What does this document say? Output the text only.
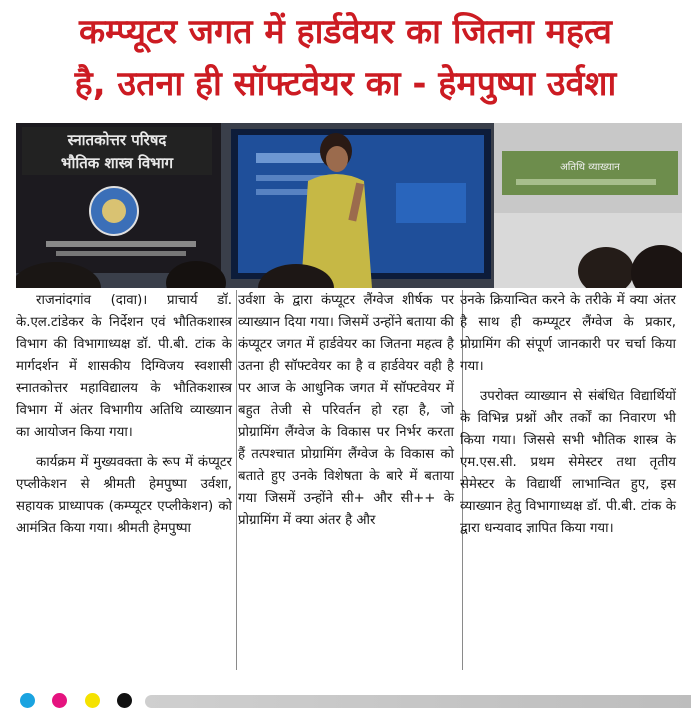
कम्प्यूटर जगत में हार्डवेयर का जितना महत्व
है, उतना ही सॉफ्टवेयर का - हेमपुष्पा उर्वशा
स्नातकोत्तर परिषद
भौतिक शास्त्र विभाग	अतिथि व्याख्यान

राजनांदगांव (दावा)। प्राचार्य डॉ. के.एल.टांडेकर के निर्देशन एवं भौतिकशास्त्र विभाग की विभागाध्यक्ष डॉ. पी.बी. टांक के मार्गदर्शन में शासकीय दिग्विजय स्वशासी स्नातकोत्तर महाविद्यालय के भौतिकशास्त्र विभाग में अंतर विभागीय अतिथि व्याख्यान का आयोजन किया गया।

कार्यक्रम में मुख्यवक्ता के रूप में कंप्यूटर एप्लीकेशन से श्रीमती हेमपुष्पा उर्वशा, सहायक प्राध्यापक (कम्प्यूटर एप्लीकेशन) को आमंत्रित किया गया। श्रीमती हेमपुष्पा

उर्वशा के द्वारा कंप्यूटर लैंग्वेज शीर्षक पर व्याख्यान दिया गया। जिसमें उन्होंने बताया की कंप्यूटर जगत में हार्डवेयर का जितना महत्व है उतना ही सॉफ्टवेयर का है व हार्डवेयर वही है पर आज के आधुनिक जगत में सॉफ्टवेयर में बहुत तेजी से परिवर्तन हो रहा है, जो प्रोग्रामिंग लैंग्वेज के विकास पर निर्भर करता हैं तत्पश्चात प्रोग्रामिंग लैंग्वेज के विकास को बताते हुए उनके विशेषता के बारे में बताया गया जिसमें उन्होंने सी+ और सी++ के प्रोग्रामिंग में क्या अंतर है और

उनके क्रियान्वित करने के तरीके में क्या अंतर है साथ ही कम्प्यूटर लैंग्वेज के प्रकार, प्रोग्रामिंग की संपूर्ण जानकारी पर चर्चा किया गया।

उपरोक्त व्याख्यान से संबंधित विद्यार्थियों के विभिन्न प्रश्नों और तर्कों का निवारण भी किया गया। जिससे सभी भौतिक शास्त्र के एम.एस.सी. प्रथम सेमेस्टर तथा तृतीय सेमेस्टर के विद्यार्थी लाभान्वित हुए, इस व्याख्यान हेतु विभागाध्यक्ष डॉ. पी.बी. टांक के द्वारा धन्यवाद ज्ञापित किया गया।
